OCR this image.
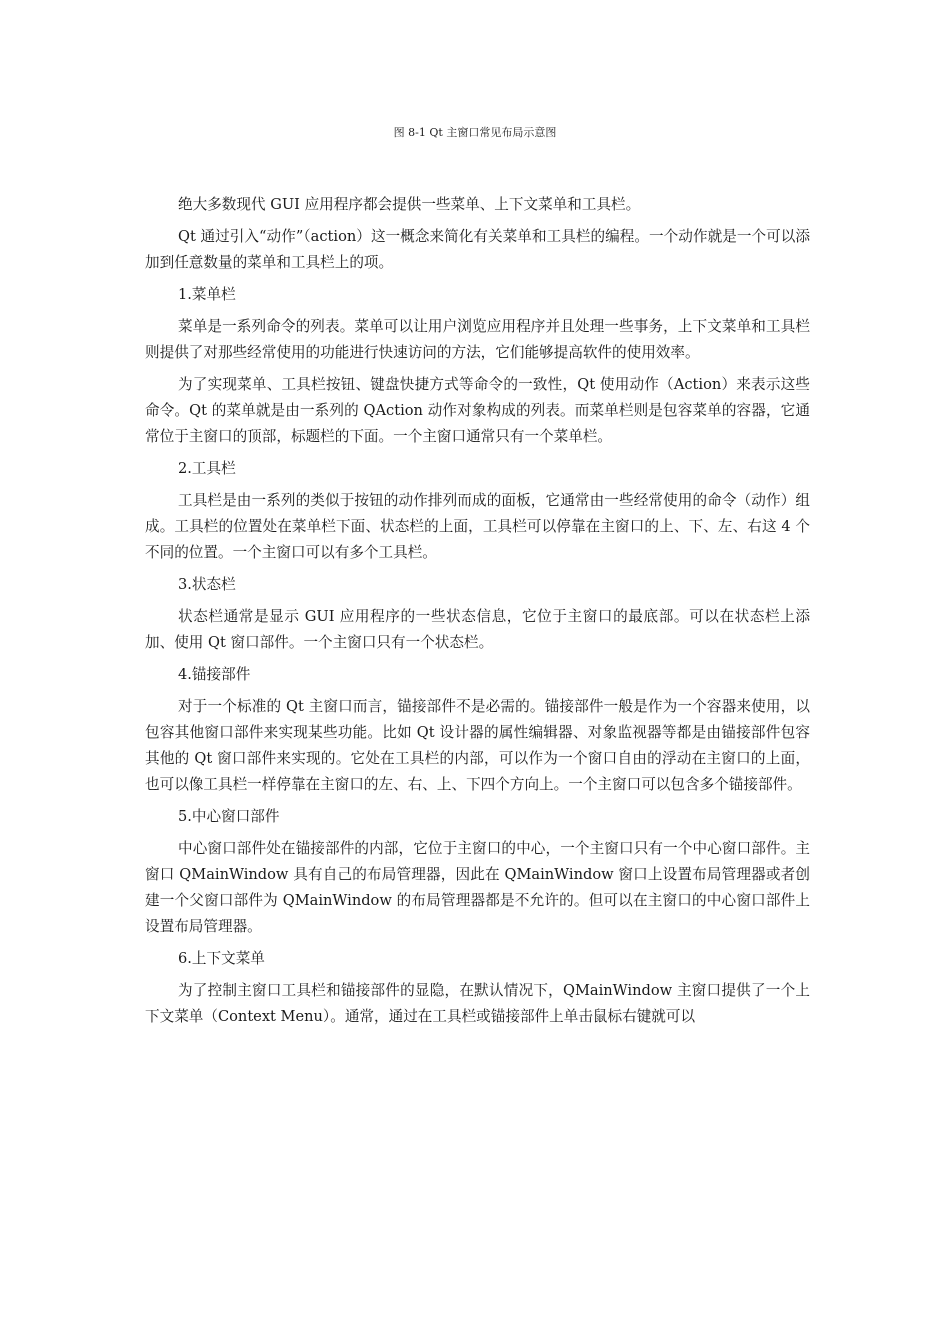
图 8-1 Qt 主窗口常见布局示意图

绝大多数现代 GUI 应用程序都会提供一些菜单、上下文菜单和工具栏。

Qt 通过引入“动作”（action）这一概念来简化有关菜单和工具栏的编程。一个动作就是一个可以添加到任意数量的菜单和工具栏上的项。

1.菜单栏

菜单是一系列命令的列表。菜单可以让用户浏览应用程序并且处理一些事务，上下文菜单和工具栏则提供了对那些经常使用的功能进行快速访问的方法，它们能够提高软件的使用效率。

为了实现菜单、工具栏按钮、键盘快捷方式等命令的一致性，Qt 使用动作（Action）来表示这些命令。Qt 的菜单就是由一系列的 QAction 动作对象构成的列表。而菜单栏则是包容菜单的容器，它通常位于主窗口的顶部，标题栏的下面。一个主窗口通常只有一个菜单栏。

2.工具栏

工具栏是由一系列的类似于按钮的动作排列而成的面板，它通常由一些经常使用的命令（动作）组成。工具栏的位置处在菜单栏下面、状态栏的上面，工具栏可以停靠在主窗口的上、下、左、右这 4 个不同的位置。一个主窗口可以有多个工具栏。

3.状态栏

状态栏通常是显示 GUI 应用程序的一些状态信息，它位于主窗口的最底部。可以在状态栏上添加、使用 Qt 窗口部件。一个主窗口只有一个状态栏。

4.锚接部件

对于一个标准的 Qt 主窗口而言，锚接部件不是必需的。锚接部件一般是作为一个容器来使用，以包容其他窗口部件来实现某些功能。比如 Qt 设计器的属性编辑器、对象监视器等都是由锚接部件包容其他的 Qt 窗口部件来实现的。它处在工具栏的内部，可以作为一个窗口自由的浮动在主窗口的上面，也可以像工具栏一样停靠在主窗口的左、右、上、下四个方向上。一个主窗口可以包含多个锚接部件。

5.中心窗口部件

中心窗口部件处在锚接部件的内部，它位于主窗口的中心，一个主窗口只有一个中心窗口部件。主窗口 QMainWindow 具有自己的布局管理器，因此在 QMainWindow 窗口上设置布局管理器或者创建一个父窗口部件为 QMainWindow 的布局管理器都是不允许的。但可以在主窗口的中心窗口部件上设置布局管理器。

6.上下文菜单

为了控制主窗口工具栏和锚接部件的显隐，在默认情况下，QMainWindow 主窗口提供了一个上下文菜单（Context Menu）。通常，通过在工具栏或锚接部件上单击鼠标右键就可以
